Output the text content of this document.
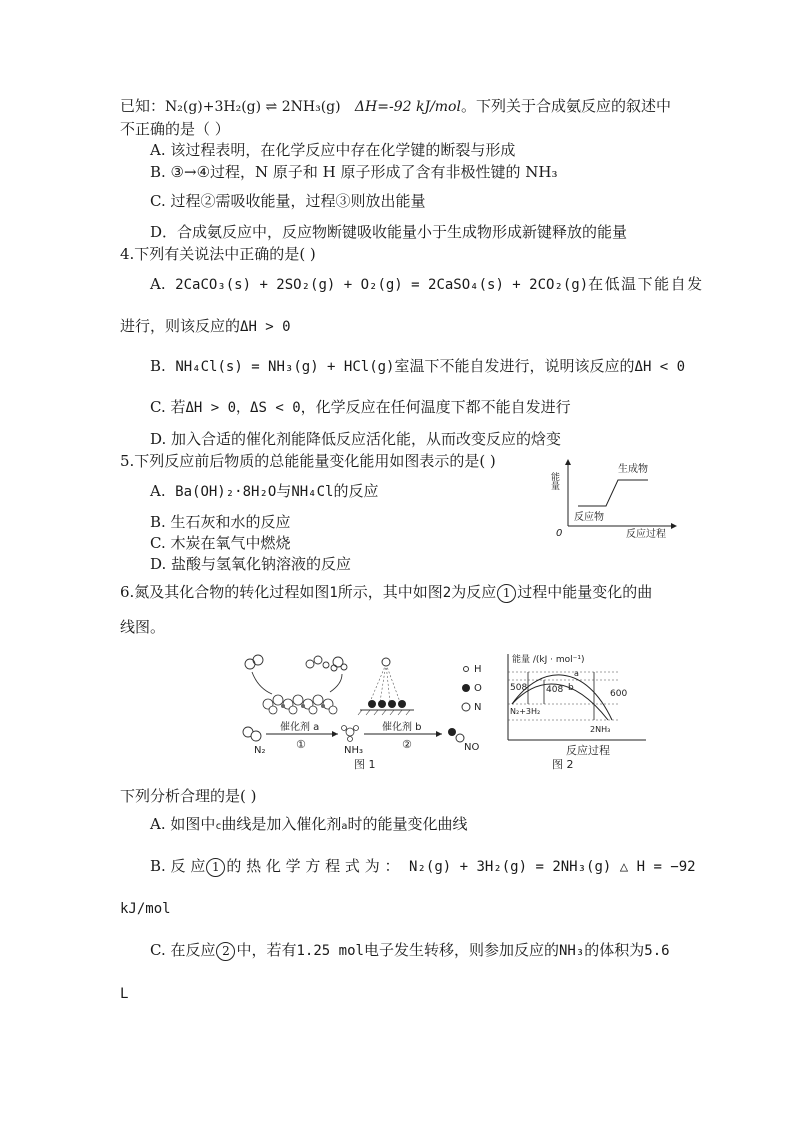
已知：N₂(g)+3H₂(g) ⇌ 2NH₃(g) ΔH=-92 kJ/mol。下列关于合成氨反应的叙述中
不正确的是（ ）
A. 该过程表明，在化学反应中存在化学键的断裂与形成
B. ③→④过程，N 原子和 H 原子形成了含有非极性键的 NH₃
C. 过程②需吸收能量，过程③则放出能量
D．合成氨反应中，反应物断键吸收能量小于生成物形成新键释放的能量
4.下列有关说法中正确的是( )
A. 2CaCO₃(s) + 2SO₂(g) + O₂(g) = 2CaSO₄(s) + 2CO₂(g)在低温下能自发
进行，则该反应的ΔH > 0
B. NH₄Cl(s) = NH₃(g) + HCl(g)室温下不能自发进行，说明该反应的ΔH < 0
C. 若ΔH > 0，ΔS < 0，化学反应在任何温度下都不能自发进行
D. 加入合适的催化剂能降低反应活化能，从而改变反应的焓变
5.下列反应前后物质的总能能量变化能用如图表示的是( )
A. Ba(OH)₂·8H₂O与NH₄Cl的反应
B. 生石灰和水的反应
C. 木炭在氧气中燃烧
D. 盐酸与氢氧化钠溶液的反应
能量
0	反应过程
反应物
生成物
6.氮及其化合物的转化过程如图1所示，其中如图2为反应 1 过程中能量变化的曲
线图。
H
O
N
N₂
催化剂 a
①	NH₃
催化剂 b
②	NO
图 1
能量 /(kJ · mol⁻¹)
508 408 b
a
600
N₂+3H₂
2NH₃
反应过程
图 2
下列分析合理的是( )
A. 如图中c曲线是加入催化剂a时的能量变化曲线
B. 反 应 1 的 热 化 学 方 程 式 为 ： N₂(g) + 3H₂(g) = 2NH₃(g) △ H = −92
kJ/mol
C. 在反应 2 中，若有1.25 mol电子发生转移，则参加反应的NH₃的体积为5.6
L
